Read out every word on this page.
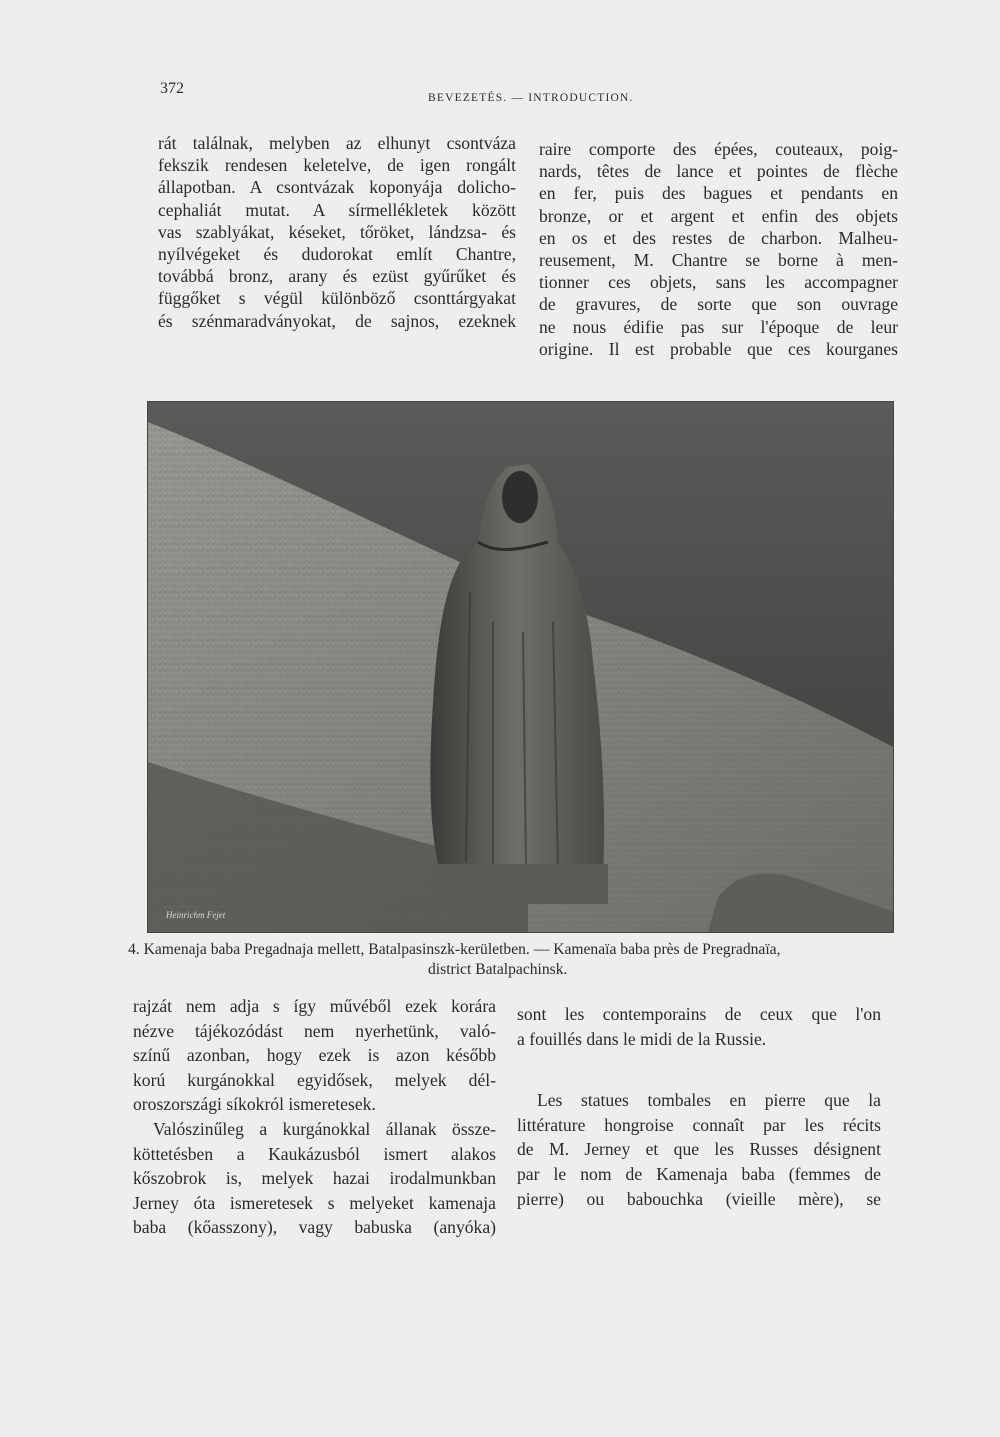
372
BEVEZETÉS. — INTRODUCTION.

rát találnak, melyben az elhunyt csontváza
fekszik rendesen keletelve, de igen rongált
állapotban. A csontvázak koponyája dolicho-
cephaliát mutat. A sírmellékletek között
vas szablyákat, késeket, tőröket, lándzsa- és
nyílvégeket és dudorokat említ Chantre,
továbbá bronz, arany és ezüst gyűrűket és
függőket s végül különböző csonttárgyakat
és szénmaradványokat, de sajnos, ezeknek

raire comporte des épées, couteaux, poig-
nards, têtes de lance et pointes de flèche
en fer, puis des bagues et pendants en
bronze, or et argent et enfin des objets
en os et des restes de charbon. Malheu-
reusement, M. Chantre se borne à men-
tionner ces objets, sans les accompagner
de gravures, de sorte que son ouvrage
ne nous édifie pas sur l'époque de leur
origine. Il est probable que ces kourganes

Heinrichm Fejet
4. Kamenaja baba Pregadnaja mellett, Batalpasinszk-kerületben. — Kamenaïa baba près de Pregradnaïa,
district Batalpachinsk.

rajzát nem adja s így művéből ezek korára
nézve tájékozódást nem nyerhetünk, való-
színű azonban, hogy ezek is azon később
korú kurgánokkal egyidősek, melyek dél-
oroszországi síkokról ismeretesek.

Valószinűleg a kurgánokkal állanak össze-
köttetésben a Kaukázusból ismert alakos
kőszobrok is, melyek hazai irodalmunkban
Jerney óta ismeretesek s melyeket kamenaja
baba (kőasszony), vagy babuska (anyóka)

sont les contemporains de ceux que l'on
a fouillés dans le midi de la Russie.

Les statues tombales en pierre que la
littérature hongroise connaît par les récits
de M. Jerney et que les Russes désignent
par le nom de Kamenaja baba (femmes de
pierre) ou babouchka (vieille mère), se
